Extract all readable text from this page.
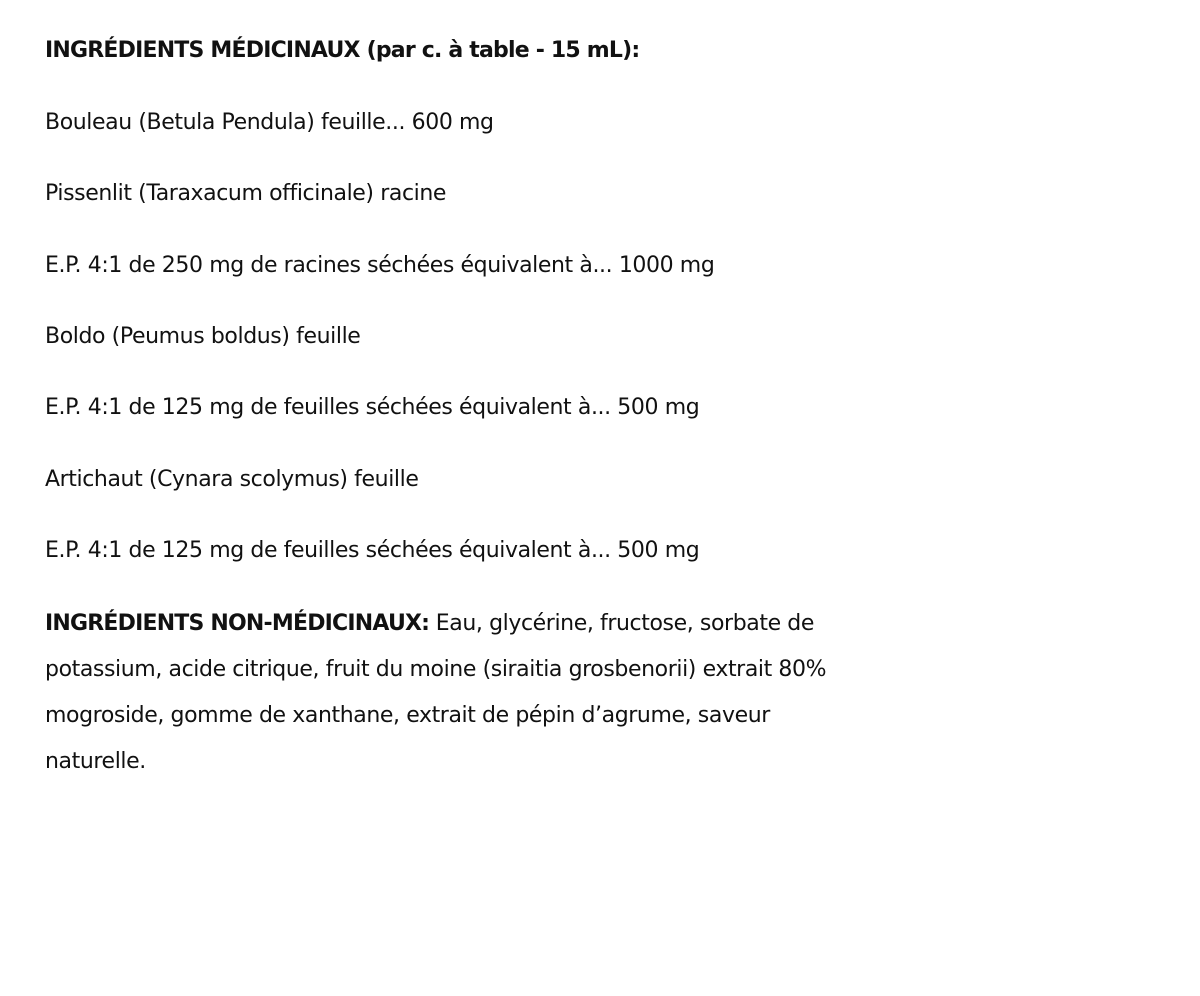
INGRÉDIENTS MÉDICINAUX (par c. à table - 15 mL):
Bouleau (Betula Pendula) feuille... 600 mg
Pissenlit (Taraxacum officinale) racine
E.P. 4:1 de 250 mg de racines séchées équivalent à... 1000 mg
Boldo (Peumus boldus) feuille
E.P. 4:1 de 125 mg de feuilles séchées équivalent à... 500 mg
Artichaut (Cynara scolymus) feuille
E.P. 4:1 de 125 mg de feuilles séchées équivalent à... 500 mg

INGRÉDIENTS NON-MÉDICINAUX: Eau, glycérine, fructose, sorbate de potassium, acide citrique, fruit du moine (siraitia grosbenorii) extrait 80% mogroside, gomme de xanthane, extrait de pépin d’agrume, saveur naturelle.
